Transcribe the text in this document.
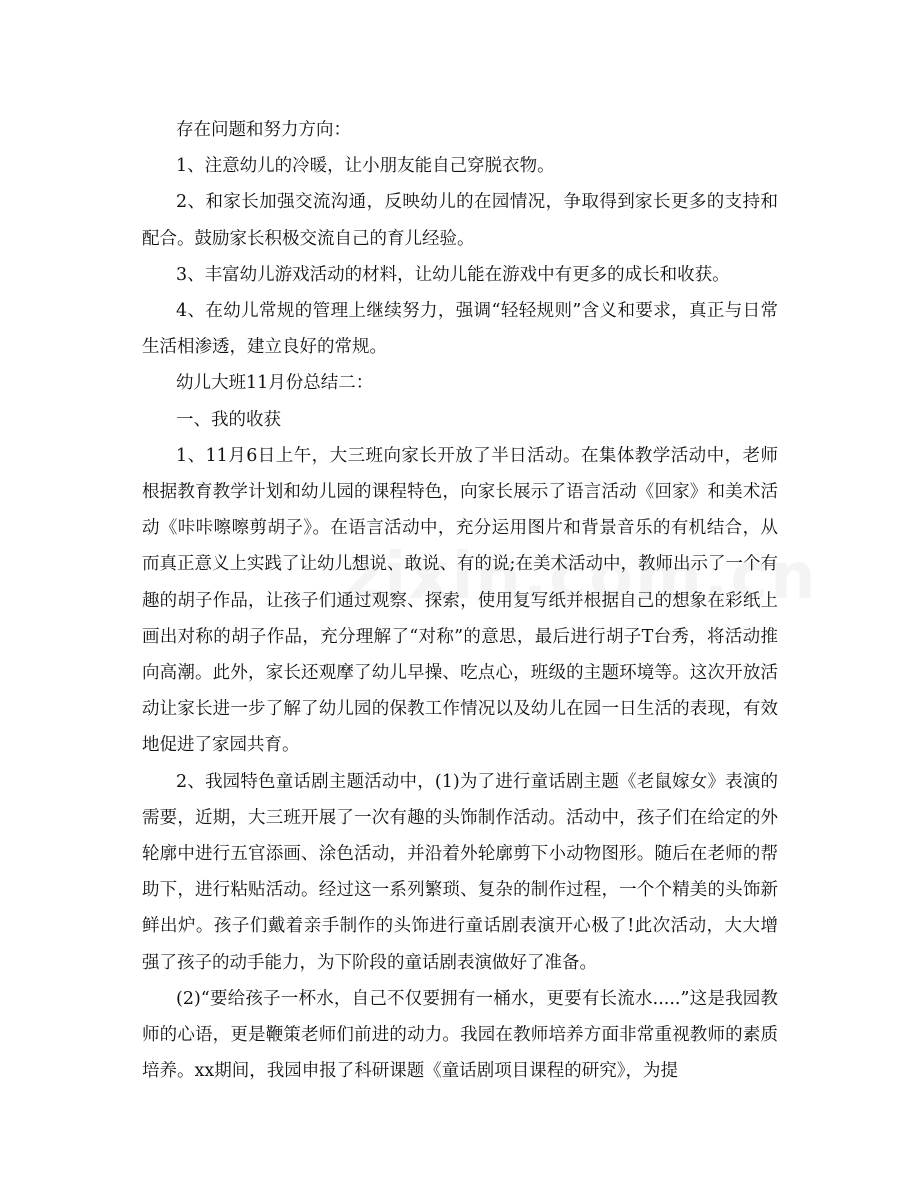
存在问题和努力方向：

1、注意幼儿的冷暖，让小朋友能自己穿脱衣物。

2、和家长加强交流沟通，反映幼儿的在园情况，争取得到家长更多的支持和配合。鼓励家长积极交流自己的育儿经验。

3、丰富幼儿游戏活动的材料，让幼儿能在游戏中有更多的成长和收获。

4、在幼儿常规的管理上继续努力，强调“轻轻规则”含义和要求，真正与日常生活相渗透，建立良好的常规。

幼儿大班11月份总结二：

一、我的收获

1、11月6日上午，大三班向家长开放了半日活动。在集体教学活动中，老师根据教育教学计划和幼儿园的课程特色，向家长展示了语言活动《回家》和美术活动《咔咔嚓嚓剪胡子》。在语言活动中，充分运用图片和背景音乐的有机结合，从而真正意义上实践了让幼儿想说、敢说、有的说;在美术活动中，教师出示了一个有趣的胡子作品，让孩子们通过观察、探索，使用复写纸并根据自己的想象在彩纸上画出对称的胡子作品，充分理解了“对称”的意思，最后进行胡子T台秀，将活动推向高潮。此外，家长还观摩了幼儿早操、吃点心，班级的主题环境等。这次开放活动让家长进一步了解了幼儿园的保教工作情况以及幼儿在园一日生活的表现，有效地促进了家园共育。

2、我园特色童话剧主题活动中，(1)为了进行童话剧主题《老鼠嫁女》表演的需要，近期，大三班开展了一次有趣的头饰制作活动。活动中，孩子们在给定的外轮廓中进行五官添画、涂色活动，并沿着外轮廓剪下小动物图形。随后在老师的帮助下，进行粘贴活动。经过这一系列繁琐、复杂的制作过程，一个个精美的头饰新鲜出炉。孩子们戴着亲手制作的头饰进行童话剧表演开心极了!此次活动，大大增强了孩子的动手能力，为下阶段的童话剧表演做好了准备。

(2)“要给孩子一杯水，自己不仅要拥有一桶水，更要有长流水.....”这是我园教师的心语，更是鞭策老师们前进的动力。我园在教师培养方面非常重视教师的素质培养。xx期间，我园申报了科研课题《童话剧项目课程的研究》，为提
